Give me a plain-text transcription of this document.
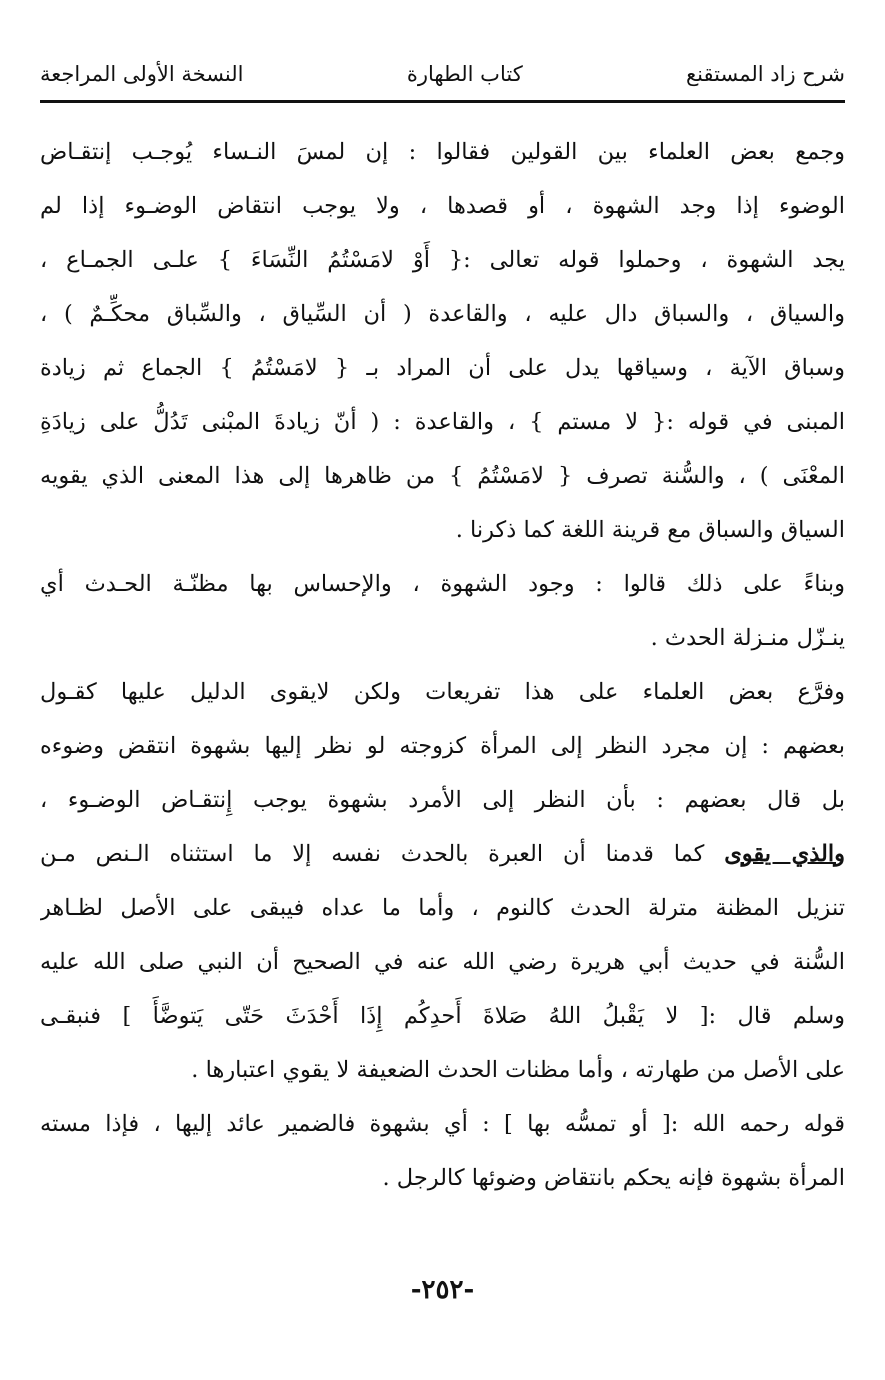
شرح زاد المستقنع
كتاب الطهارة
النسخة الأولى المراجعة
وجمع بعض العلماء بين القولين فقالوا : إن لمسَ النـساء يُوجـب إنتقـاض
الوضوء إذا وجد الشهوة ، أو قصدها ، ولا يوجب انتقاض الوضـوء إذا لم
يجد الشهوة ، وحملوا قوله تعالى :{ أَوْ لامَسْتُمُ النِّسَاءَ } علـى الجمـاع ،
والسياق ، والسباق دال عليه ، والقاعدة ( أن السِّياق ، والسِّباق محكِّـمٌ ) ،
وسباق الآية ، وسياقها يدل على أن المراد بـ { لامَسْتُمُ } الجماع ثم زيادة
المبنى في قوله :{ لا مستم } ، والقاعدة : ( أنّ زيادةَ المبْنى تَدُلُّ على زيادَةِ
المعْنَى ) ، والسُّنة تصرف { لامَسْتُمُ } من ظاهرها إلى هذا المعنى الذي يقويه
السياق والسباق مع قرينة اللغة كما ذكرنا .
وبناءً على ذلك قالوا : وجود الشهوة ، والإحساس بها مظنّـة الحـدث أي
ينـزّل منـزلة الحدث .
وفرَّع بعض العلماء على هذا تفريعات ولكن لايقوى الدليل عليها كقـول
بعضهم : إن مجرد النظر إلى المرأة كزوجته لو نظر إليها بشهوة انتقض وضوءه
بل قال بعضهم : بأن النظر إلى الأمرد بشهوة يوجب إِنتقـاض الوضـوء ،
والذي يقوى كما قدمنا أن العبرة بالحدث نفسه إلا ما استثناه الـنص مـن
تنزيل المظنة مترلة الحدث كالنوم ، وأما ما عداه فيبقى على الأصل لظـاهر
السُّنة في حديث أبي هريرة رضي الله عنه في الصحيح أن النبي صلى الله عليه
وسلم قال :[ لا يَقْبلُ اللهُ صَلاةَ أَحدِكُم إِذَا أَحْدَثَ حَتّى يَتوضَّأَ ] فنبقـى
على الأصل من طهارته ، وأما مظنات الحدث الضعيفة لا يقوي اعتبارها .
قوله رحمه الله :[ أو تمسُّه بها ] : أي بشهوة فالضمير عائد إليها ، فإذا مسته
المرأة بشهوة فإنه يحكم بانتقاض وضوئها كالرجل .
-٢٥٢-
